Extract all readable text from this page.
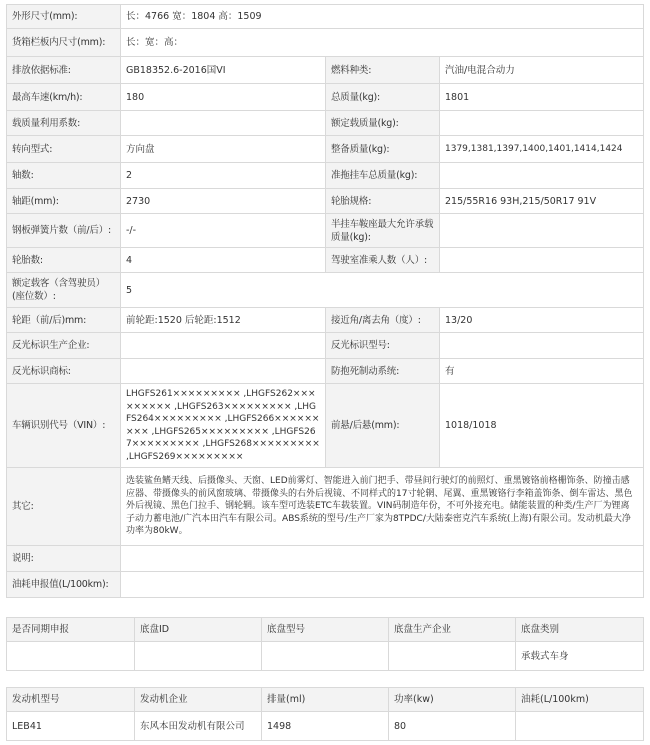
外形尺寸(mm):	长：4766 宽：1804 高：1509		
货箱栏板内尺寸(mm):	长：宽：高：		
排放依据标准:	GB18352.6-2016国VI	燃料种类:	汽油/电混合动力
最高车速(km/h):	180	总质量(kg):	1801
载质量利用系数:		额定载质量(kg):	
转向型式:	方向盘	整备质量(kg):	1379,1381,1397,1400,1401,1414,1424
轴数:	2	准拖挂车总质量(kg):	
轴距(mm):	2730	轮胎规格:	215/55R16 93H,215/50R17 91V
钢板弹簧片数（前/后）:	-/-	半挂车鞍座最大允许承载质量(kg):	
轮胎数:	4	驾驶室准乘人数（人）:	
额定载客（含驾驶员）(座位数）:	5		
轮距（前/后)mm:	前轮距:1520 后轮距:1512	接近角/离去角（度）:	13/20
反光标识生产企业:		反光标识型号:	
反光标识商标:		防抱死制动系统:	有
车辆识别代号（VIN）:	LHGFS261××××××××× ,LHGFS262××××××××× ,LHGFS263××××××××× ,LHGFS264××××××××× ,LHGFS266××××××××× ,LHGFS265××××××××× ,LHGFS267××××××××× ,LHGFS268××××××××× ,LHGFS269×××××××××	前悬/后悬(mm):	1018/1018
其它:	选装鲨鱼鳍天线、后摄像头、天窗、LED前雾灯、智能进入前门把手、带昼间行驶灯的前照灯、重黑镀铬前格栅饰条、防撞击感应器、带摄像头的前风窗玻璃、带摄像头的右外后视镜、不同样式的17寸轮辋、尾翼、重黑镀铬行李箱盖饰条、倒车雷达、黑色外后视镜、黑色门拉手、钢轮辋。该车型可选装ETC车载装置。VIN码制造年份，不可外接充电。储能装置的种类/生产厂为锂离子动力蓄电池/广汽本田汽车有限公司。ABS系统的型号/生产厂家为8TPDC/大陆泰密克汽车系统(上海)有限公司。发动机最大净功率为80kW。		
说明:			
油耗申报值(L/100km):			
是否同期申报	底盘ID	底盘型号	底盘生产企业	底盘类别
				承载式车身
发动机型号	发动机企业	排量(ml)	功率(kw)	油耗(L/100km)
LEB41	东风本田发动机有限公司	1498	80	
